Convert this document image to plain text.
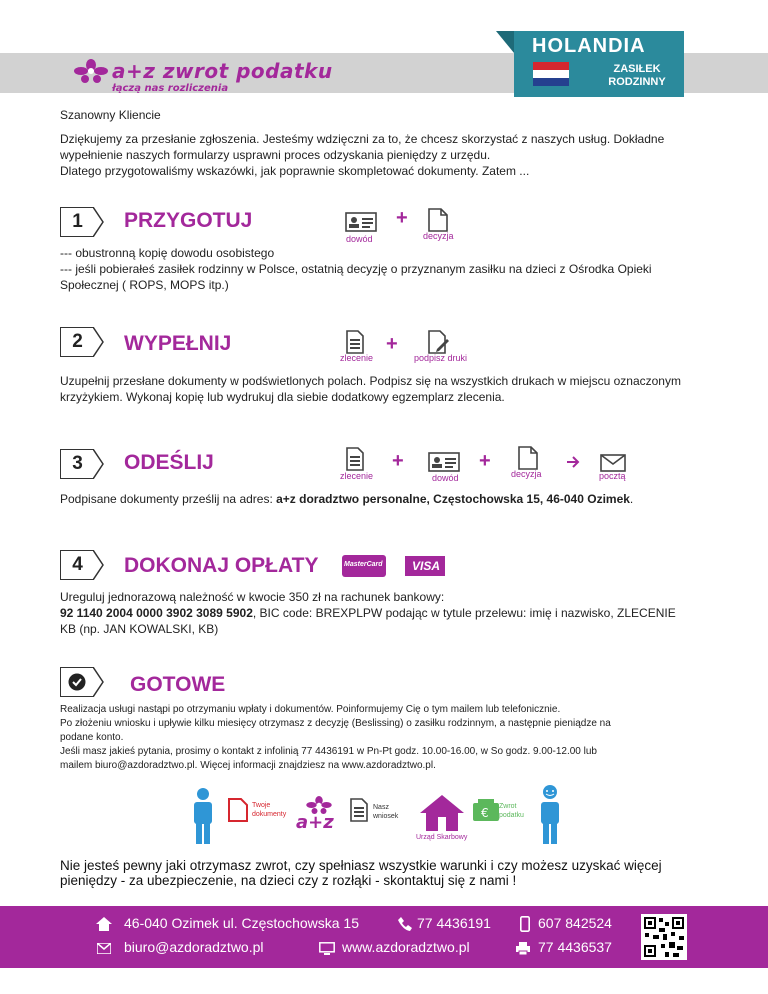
a+z zwrot podatku
łączą nas rozliczenia
HOLANDIA
ZASIŁEK
RODZINNY
Szanowny Kliencie
Dziękujemy za przesłanie zgłoszenia. Jesteśmy wdzięczni za to, że chcesz skorzystać z naszych usług. Dokładne
wypełnienie naszych formularzy usprawni proces odzyskania pieniędzy z urzędu.
Dlatego przygotowaliśmy wskazówki, jak poprawnie skompletować dokumenty. Zatem ...
1	PRZYGOTUJ
dowód
+
decyzja
--- obustronną kopię dowodu osobistego
--- jeśli pobierałeś zasiłek rodzinny w Polsce, ostatnią decyzję o przyznanym zasiłku na dzieci z Ośrodka Opieki
Społecznej ( ROPS, MOPS itp.)
2	WYPEŁNIJ
zlecenie
+
podpisz druki
Uzupełnij przesłane dokumenty w podświetlonych polach. Podpisz się na wszystkich drukach w miejscu oznaczonym
krzyżykiem. Wykonaj kopię lub wydrukuj dla siebie dodatkowy egzemplarz zlecenia.
3	ODEŚLIJ
zlecenie
+
dowód
+
decyzja	pocztą
Podpisane dokumenty prześlij na adres: a+z doradztwo personalne, Częstochowska 15, 46-040 Ozimek.
4	DOKONAJ OPŁATY	MasterCard VISA
Ureguluj jednorazową należność w kwocie 350 zł na rachunek bankowy:
92 1140 2004 0000 3902 3089 5902, BIC code: BREXPLPW podając w tytule przelewu: imię i nazwisko, ZLECENIE
KB (np. JAN KOWALSKI, KB)
GOTOWE
Realizacja usługi nastąpi po otrzymaniu wpłaty i dokumentów. Poinformujemy Cię o tym mailem lub telefonicznie.
Po złożeniu wniosku i upływie kilku miesięcy otrzymasz z decyzję (Beslissing) o zasiłku rodzinnym, a następnie pieniądze na
podane konto.
Jeśli masz jakieś pytania, prosimy o kontakt z infolinią 77 4436191 w Pn-Pt godz. 10.00-16.00, w So godz. 9.00-12.00 lub
mailem biuro@azdoradztwo.pl. Więcej informacji znajdziesz na www.azdoradztwo.pl.
Twoje dokumenty a+z
Nasz wniosek
Urząd Skarbowy
€ Zwrot podatku
Nie jesteś pewny jaki otrzymasz zwrot, czy spełniasz wszystkie warunki i czy możesz uzyskać więcej
pieniędzy - za ubezpieczenie, na dzieci czy z rozłąki - skontaktuj się z nami !
46-040 Ozimek ul. Częstochowska 15	77 4436191	607 842524
biuro@azdoradztwo.pl	www.azdoradztwo.pl	77 4436537
